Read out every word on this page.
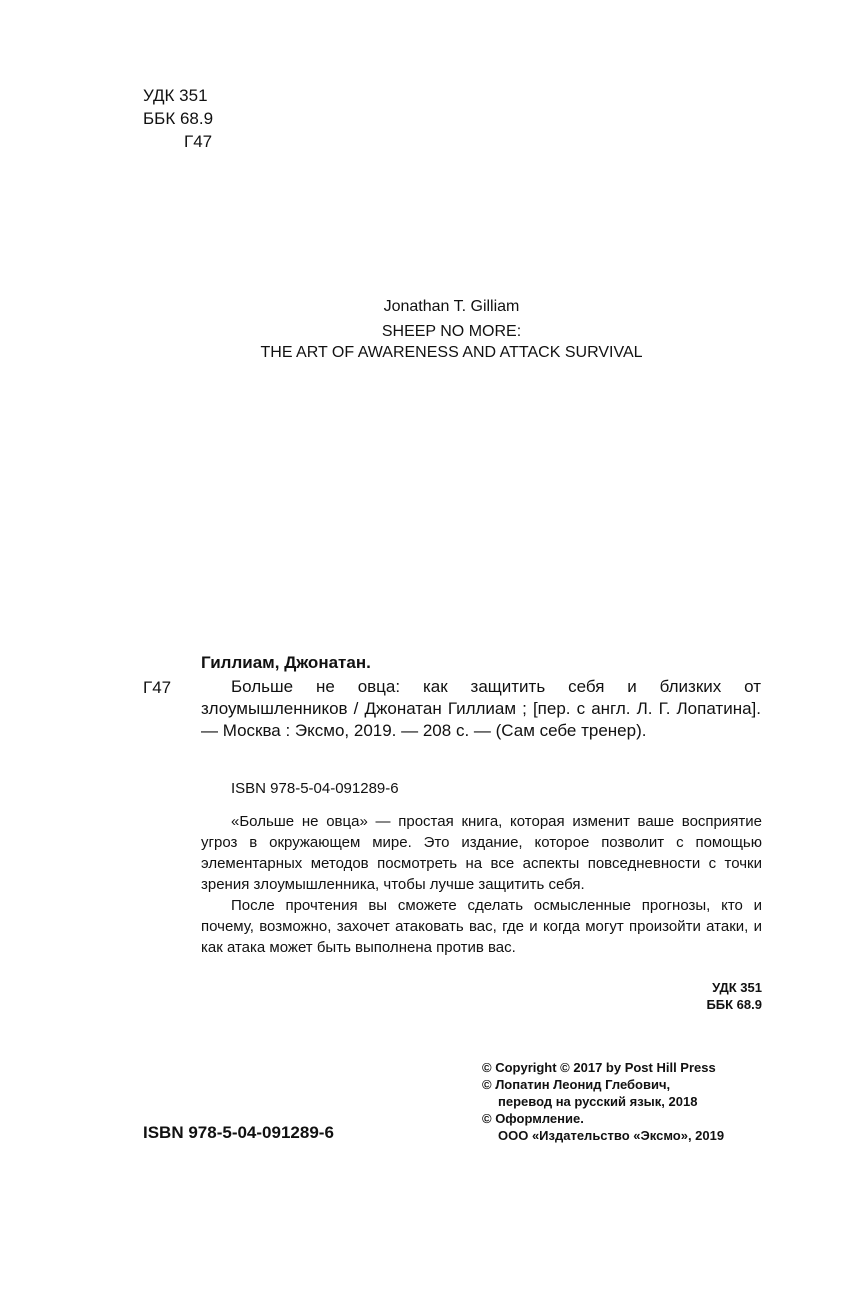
УДК 351
ББК 68.9
Г47
Jonathan T. Gilliam
SHEEP NO MORE:
THE ART OF AWARENESS AND ATTACK SURVIVAL
Гиллиам, Джонатан.
Г47	Больше не овца: как защитить себя и близких от злоумышленников / Джонатан Гиллиам ; [пер. с англ. Л. Г. Лопатина]. — Москва : Эксмо, 2019. — 208 с. — (Сам себе тренер).
ISBN 978-5-04-091289-6

«Больше не овца» — простая книга, которая изменит ваше восприятие угроз в окружающем мире. Это издание, которое позволит с помощью элементарных методов посмотреть на все аспекты повседневности с точки зрения злоумышленника, чтобы лучше защитить себя.

После прочтения вы сможете сделать осмысленные прогнозы, кто и почему, возможно, захочет атаковать вас, где и когда могут произойти атаки, и как атака может быть выполнена против вас.

УДК 351
ББК 68.9
© Copyright © 2017 by Post Hill Press
© Лопатин Леонид Глебович,
перевод на русский язык, 2018
© Оформление.
ООО «Издательство «Эксмо», 2019
ISBN 978-5-04-091289-6
